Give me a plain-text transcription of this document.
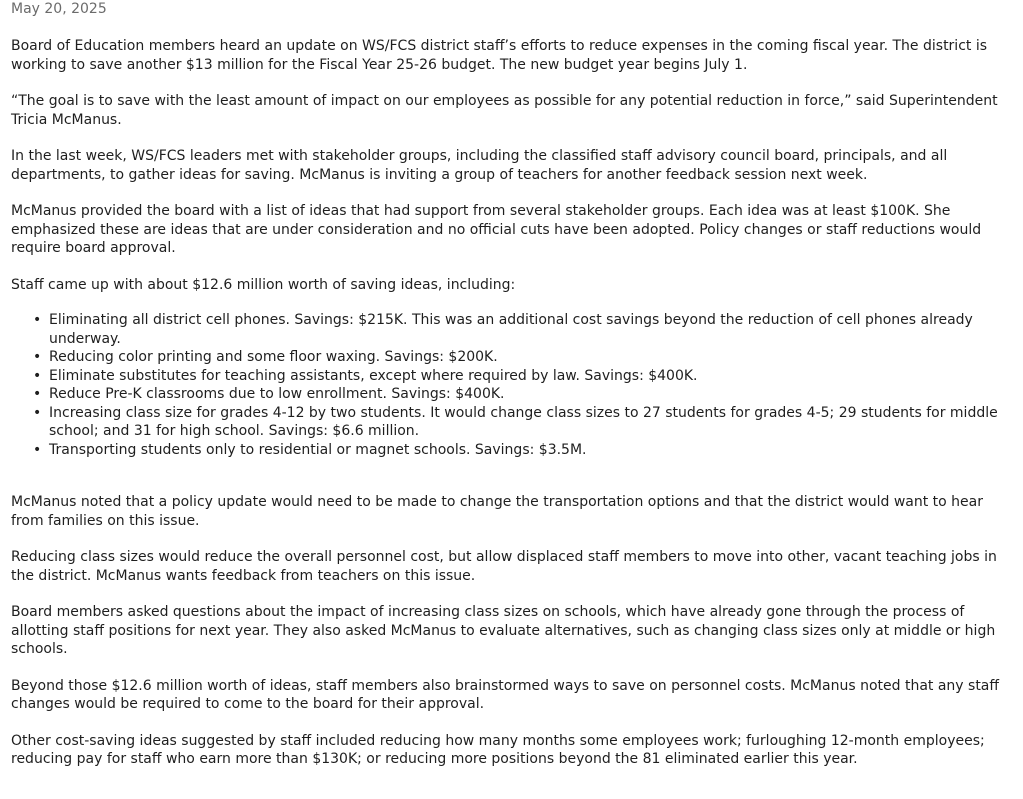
May 20, 2025

Board of Education members heard an update on WS/FCS district staff’s efforts to reduce expenses in the coming fiscal year. The district is working to save another $13 million for the Fiscal Year 25-26 budget. The new budget year begins July 1.

“The goal is to save with the least amount of impact on our employees as possible for any potential reduction in force,” said Superintendent Tricia McManus.

In the last week, WS/FCS leaders met with stakeholder groups, including the classified staff advisory council board, principals, and all departments, to gather ideas for saving. McManus is inviting a group of teachers for another feedback session next week.

McManus provided the board with a list of ideas that had support from several stakeholder groups. Each idea was at least $100K. She emphasized these are ideas that are under consideration and no official cuts have been adopted. Policy changes or staff reductions would require board approval.

Staff came up with about $12.6 million worth of saving ideas, including:

• Eliminating all district cell phones. Savings: $215K. This was an additional cost savings beyond the reduction of cell phones already underway.
• Reducing color printing and some floor waxing. Savings: $200K.
• Eliminate substitutes for teaching assistants, except where required by law. Savings: $400K.
• Reduce Pre-K classrooms due to low enrollment. Savings: $400K.
• Increasing class size for grades 4-12 by two students. It would change class sizes to 27 students for grades 4-5; 29 students for middle school; and 31 for high school. Savings: $6.6 million.
• Transporting students only to residential or magnet schools. Savings: $3.5M.

McManus noted that a policy update would need to be made to change the transportation options and that the district would want to hear from families on this issue.

Reducing class sizes would reduce the overall personnel cost, but allow displaced staff members to move into other, vacant teaching jobs in the district. McManus wants feedback from teachers on this issue.

Board members asked questions about the impact of increasing class sizes on schools, which have already gone through the process of allotting staff positions for next year. They also asked McManus to evaluate alternatives, such as changing class sizes only at middle or high schools.

Beyond those $12.6 million worth of ideas, staff members also brainstormed ways to save on personnel costs. McManus noted that any staff changes would be required to come to the board for their approval.

Other cost-saving ideas suggested by staff included reducing how many months some employees work; furloughing 12-month employees; reducing pay for staff who earn more than $130K; or reducing more positions beyond the 81 eliminated earlier this year.
